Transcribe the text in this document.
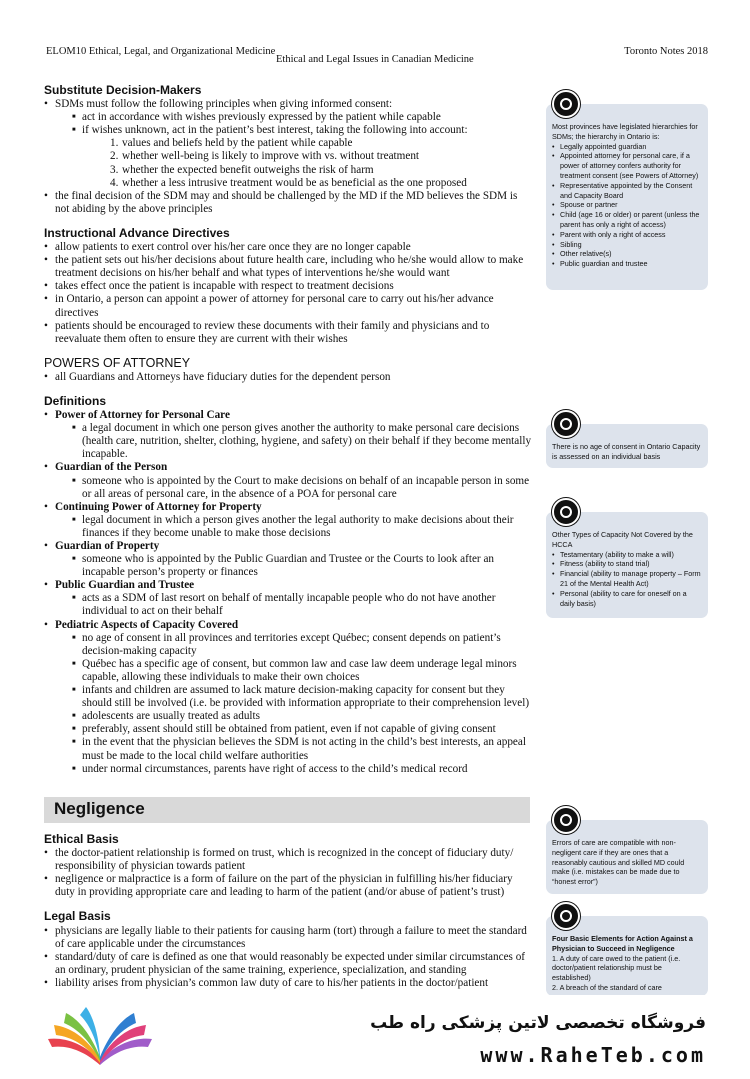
ELOM10 Ethical, Legal, and Organizational Medicine
Ethical and Legal Issues in Canadian Medicine
Toronto Notes 2018
Substitute Decision-Makers
• SDMs must follow the following principles when giving informed consent:
■ act in accordance with wishes previously expressed by the patient while capable
■ if wishes unknown, act in the patient’s best interest, taking the following into account:
1. values and beliefs held by the patient while capable
2. whether well-being is likely to improve with vs. without treatment
3. whether the expected benefit outweighs the risk of harm
4. whether a less intrusive treatment would be as beneficial as the one proposed
• the final decision of the SDM may and should be challenged by the MD if the MD believes the SDM is not abiding by the above principles
Instructional Advance Directives
• allow patients to exert control over his/her care once they are no longer capable
• the patient sets out his/her decisions about future health care, including who he/she would allow to make treatment decisions on his/her behalf and what types of interventions he/she would want
• takes effect once the patient is incapable with respect to treatment decisions
• in Ontario, a person can appoint a power of attorney for personal care to carry out his/her advance directives
• patients should be encouraged to review these documents with their family and physicians and to reevaluate them often to ensure they are current with their wishes
POWERS OF ATTORNEY
• all Guardians and Attorneys have fiduciary duties for the dependent person
Definitions
• Power of Attorney for Personal Care
■ a legal document in which one person gives another the authority to make personal care decisions (health care, nutrition, shelter, clothing, hygiene, and safety) on their behalf if they become mentally incapable.
• Guardian of the Person
■ someone who is appointed by the Court to make decisions on behalf of an incapable person in some or all areas of personal care, in the absence of a POA for personal care
• Continuing Power of Attorney for Property
■ legal document in which a person gives another the legal authority to make decisions about their finances if they become unable to make those decisions
• Guardian of Property
■ someone who is appointed by the Public Guardian and Trustee or the Courts to look after an incapable person’s property or finances
• Public Guardian and Trustee
■ acts as a SDM of last resort on behalf of mentally incapable people who do not have another individual to act on their behalf
• Pediatric Aspects of Capacity Covered
■ no age of consent in all provinces and territories except Québec; consent depends on patient’s decision-making capacity
■ Québec has a specific age of consent, but common law and case law deem underage legal minors capable, allowing these individuals to make their own choices
■ infants and children are assumed to lack mature decision-making capacity for consent but they should still be involved (i.e. be provided with information appropriate to their comprehension level)
■ adolescents are usually treated as adults
■ preferably, assent should still be obtained from patient, even if not capable of giving consent
■ in the event that the physician believes the SDM is not acting in the child’s best interests, an appeal must be made to the local child welfare authorities
■ under normal circumstances, parents have right of access to the child’s medical record
Negligence
Ethical Basis
• the doctor-patient relationship is formed on trust, which is recognized in the concept of fiduciary duty/ responsibility of physician towards patient
• negligence or malpractice is a form of failure on the part of the physician in fulfilling his/her fiduciary duty in providing appropriate care and leading to harm of the patient (and/or abuse of patient’s trust)
Legal Basis
• physicians are legally liable to their patients for causing harm (tort) through a failure to meet the standard of care applicable under the circumstances
• standard/duty of care is defined as one that would reasonably be expected under similar circumstances of an ordinary, prudent physician of the same training, experience, specialization, and standing
• liability arises from physician’s common law duty of care to his/her patients in the doctor/patient
Most provinces have legislated hierarchies for SDMs; the hierarchy in Ontario is:
• Legally appointed guardian
• Appointed attorney for personal care, if a power of attorney confers authority for treatment consent (see Powers of Attorney)
• Representative appointed by the Consent and Capacity Board
• Spouse or partner
• Child (age 16 or older) or parent (unless the parent has only a right of access)
• Parent with only a right of access
• Sibling
• Other relative(s)
• Public guardian and trustee
There is no age of consent in Ontario Capacity is assessed on an individual basis
Other Types of Capacity Not Covered by the HCCA
• Testamentary (ability to make a will)
• Fitness (ability to stand trial)
• Financial (ability to manage property – Form 21 of the Mental Health Act)
• Personal (ability to care for oneself on a daily basis)
Errors of care are compatible with non-negligent care if they are ones that a reasonably cautious and skilled MD could make (i.e. mistakes can be made due to “honest error”)
Four Basic Elements for Action Against a Physician to Succeed in Negligence
1. A duty of care owed to the patient (i.e. doctor/patient relationship must be established)
2. A breach of the standard of care
فروشگاه تخصصی لاتین پزشکی راه طب
www.RaheTeb.com
